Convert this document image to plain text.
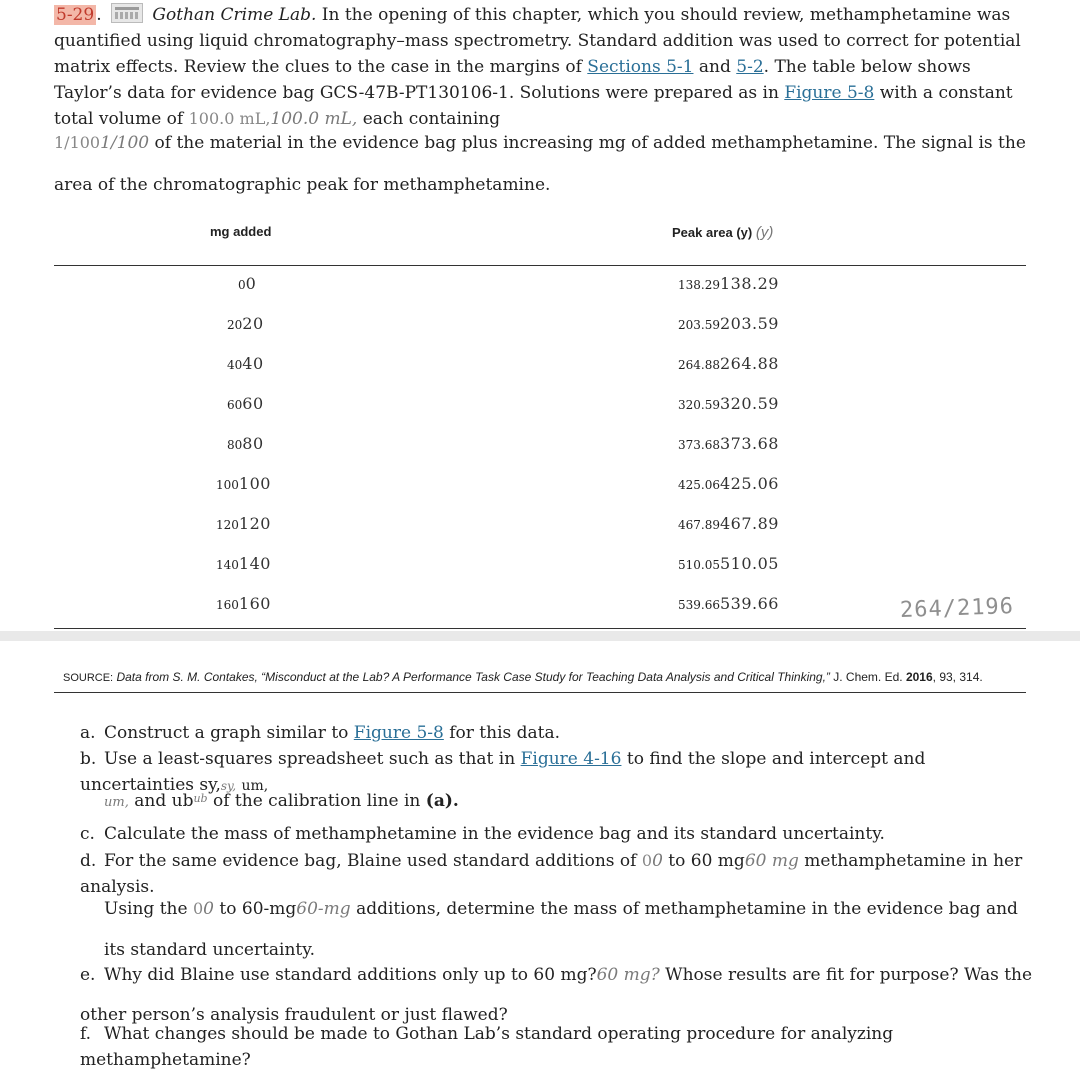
5-29 .	Gothan Crime Lab. In the opening of this chapter, which you should review, methamphetamine was quantified using liquid chromatography–mass spectrometry. Standard addition was used to correct for potential matrix effects. Review the clues to the case in the margins of Sections 5-1 and 5-2. The table below shows Taylor’s data for evidence bag GCS-47B-PT130106-1. Solutions were prepared as in Figure 5-8 with a constant total volume of 100.0 mL,100.0 mL, each containing
1/1001/100 of the material in the evidence bag plus increasing mg of added methamphetamine. The signal is the area of the chromatographic peak for methamphetamine.
mg added	Peak area (y) (y)
00	138.29138.29
2020	203.59203.59
4040	264.88264.88
6060	320.59320.59
8080	373.68373.68
100100	425.06425.06
120120	467.89467.89
140140	510.05510.05
160160	539.66539.66	264/2196
SOURCE: Data from S. M. Contakes, “Misconduct at the Lab? A Performance Task Case Study for Teaching Data Analysis and Critical Thinking,” J. Chem. Ed. 2016, 93, 314.
a. Construct a graph similar to Figure 5-8 for this data.
b. Use a least-squares spreadsheet such as that in Figure 4-16 to find the slope and intercept and uncertainties sy,sy, um,
um, and $ub^{ub}$ of the calibration line in (a).
c. Calculate the mass of methamphetamine in the evidence bag and its standard uncertainty.
d. For the same evidence bag, Blaine used standard additions of 00 to 60 mg60 mg methamphetamine in her analysis.
Using the 00 to 60-mg60-mg additions, determine the mass of methamphetamine in the evidence bag and its standard uncertainty.
e. Why did Blaine use standard additions only up to 60 mg?60 mg? Whose results are fit for purpose? Was the other person’s analysis fraudulent or just flawed?
f. What changes should be made to Gothan Lab’s standard operating procedure for analyzing methamphetamine?
